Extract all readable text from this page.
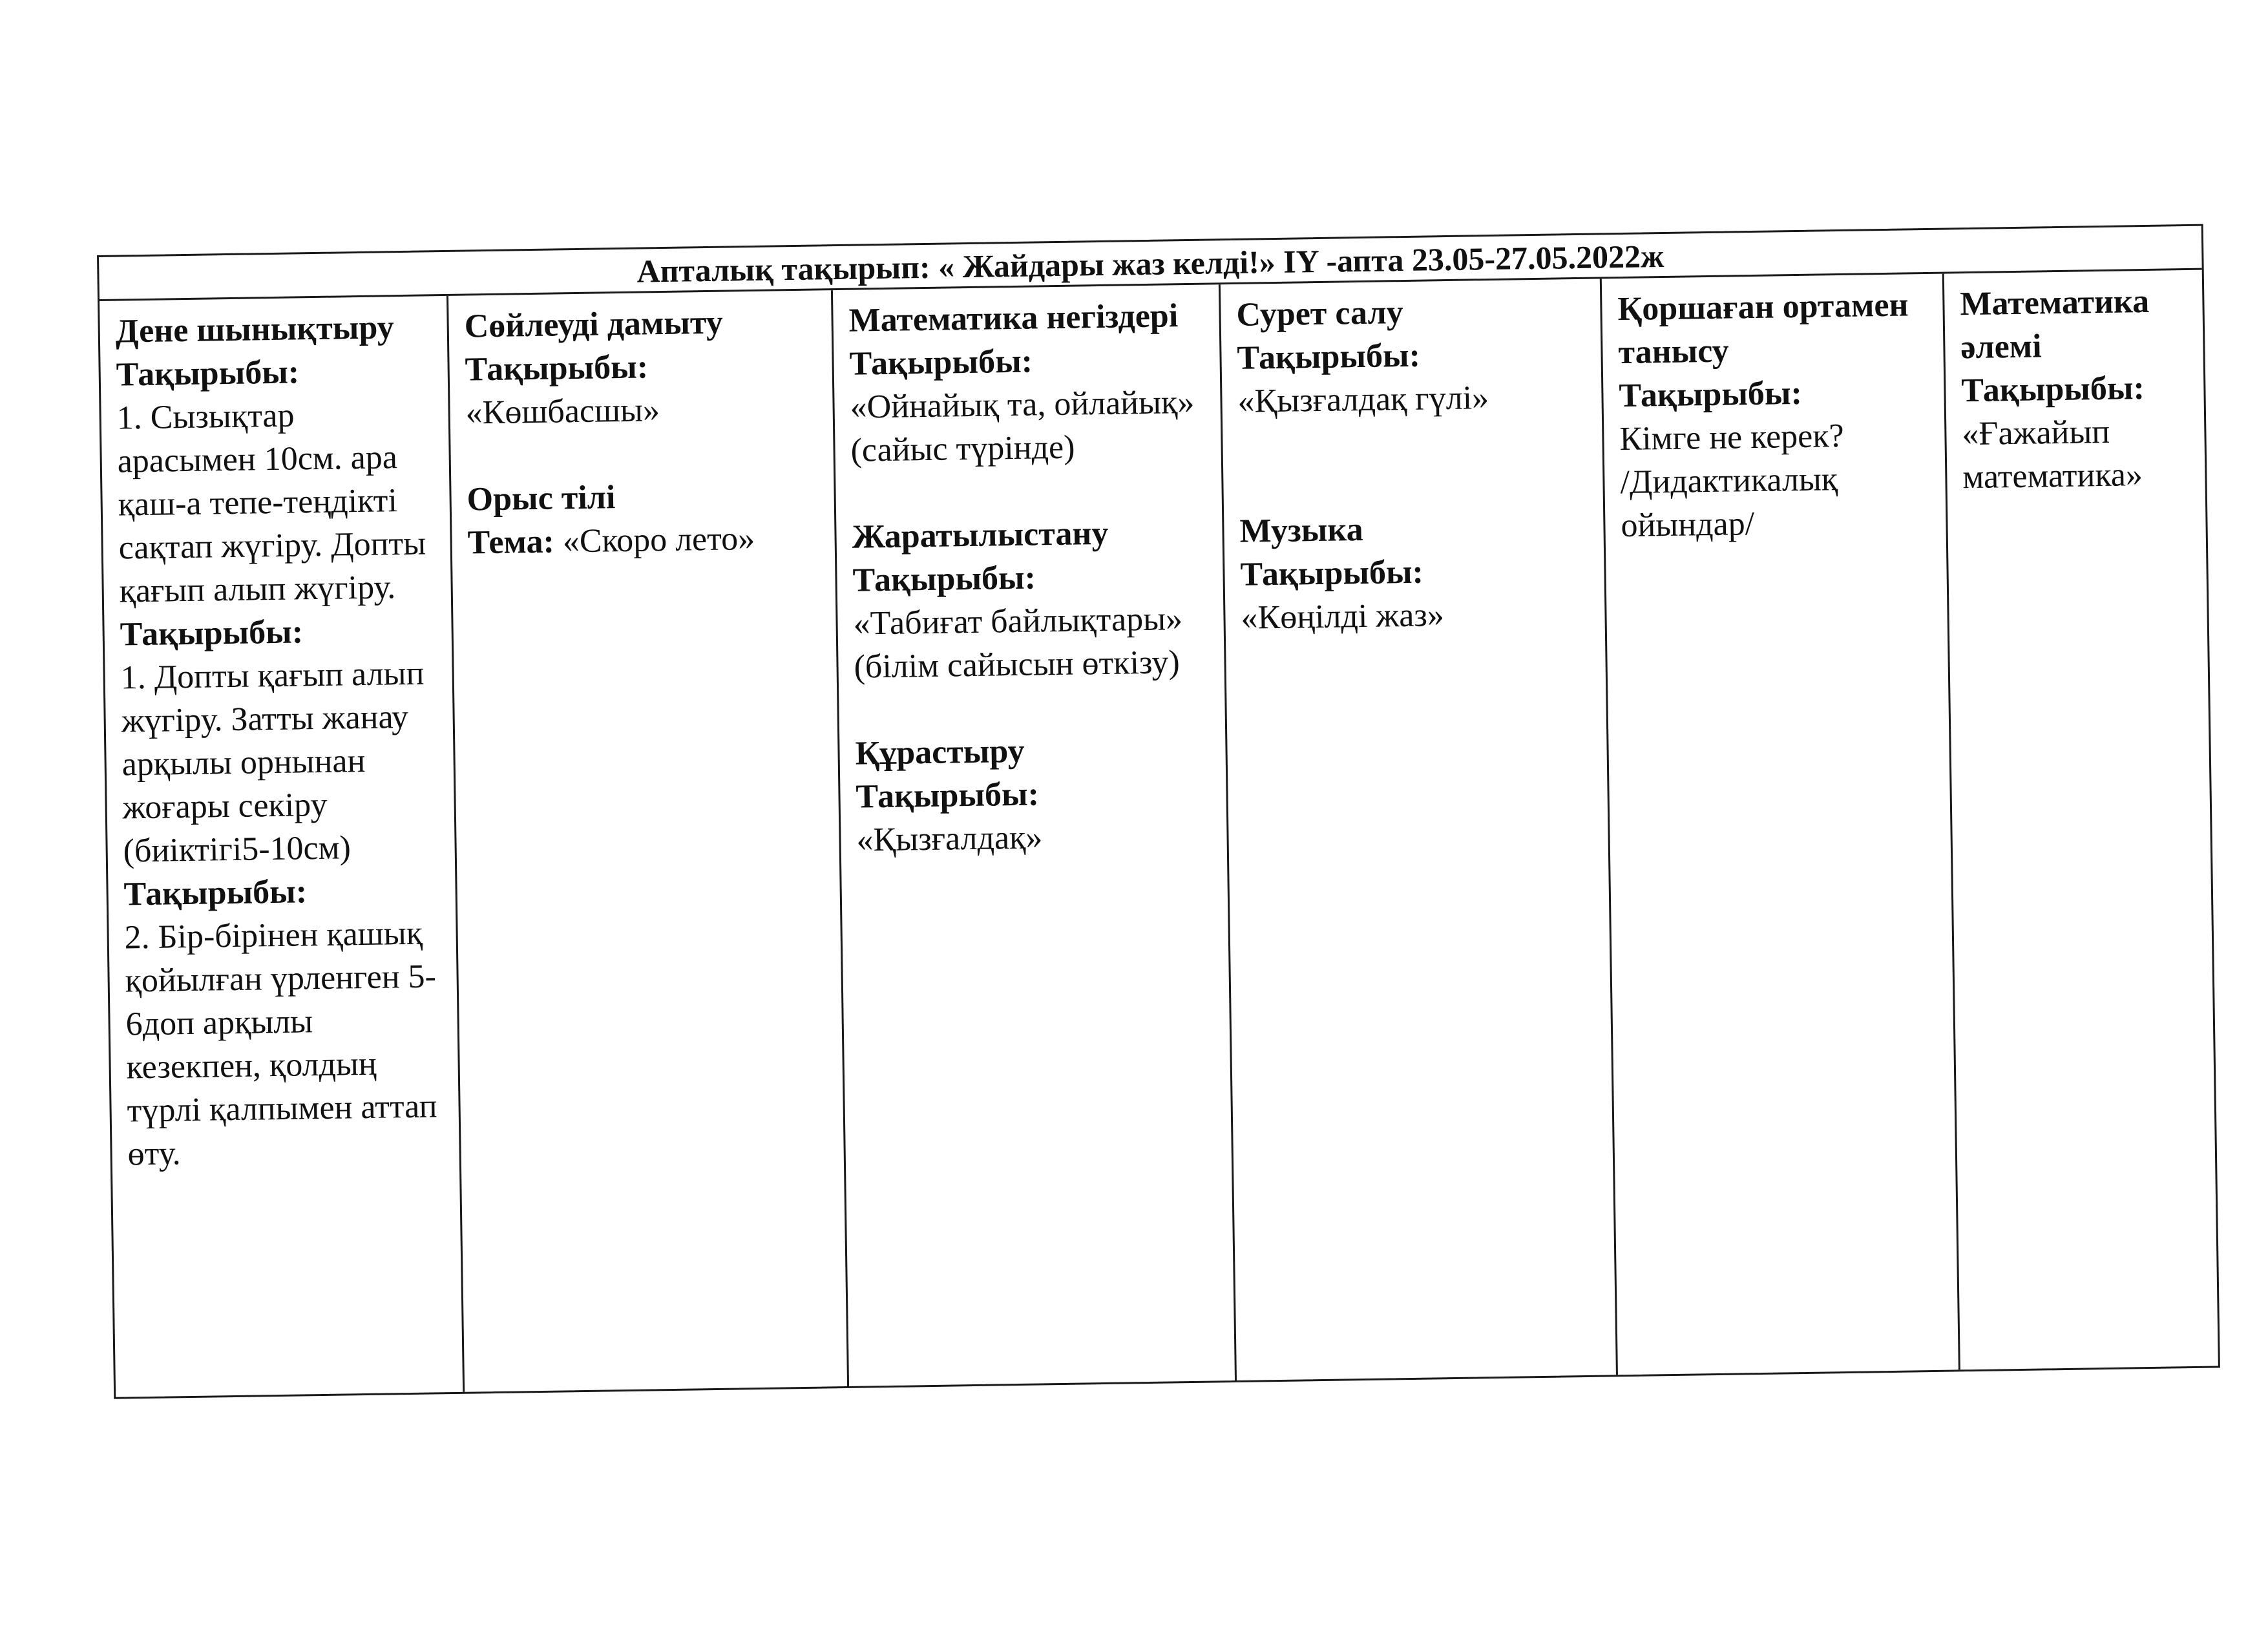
Апталық тақырып: « Жайдары жаз келді!» IY -апта 23.05-27.05.2022ж
Дене шынықтыру
Тақырыбы:
1. Сызықтар арасымен 10см. ара қаш-а тепе-теңдікті сақтап жүгіру. Допты қағып алып жүгіру.
Тақырыбы:
1. Допты қағып алып жүгіру. Затты жанау арқылы орнынан жоғары секіру (биіктігі5-10см)
Тақырыбы:
2. Бір-бірінен қашық қойылған үрленген 5-6доп арқылы кезекпен, қолдың түрлі қалпымен аттап өту.
Сөйлеуді дамыту
Тақырыбы:
«Көшбасшы»
Орыс тілі
Тема: «Скоро лето»
Математика негіздері
Тақырыбы:
«Ойнайық та, ойлайық»
(сайыс түрінде)
Жаратылыстану
Тақырыбы:
«Табиғат байлықтары»
(білім сайысын өткізу)
Құрастыру
Тақырыбы:
«Қызғалдақ»
Сурет салу
Тақырыбы:
«Қызғалдақ гүлі»
Музыка
Тақырыбы:
«Көңілді жаз»
Қоршаған ортамен танысу
Тақырыбы:
Кімге не керек?
/Дидактикалық ойындар/
Математика әлемі
Тақырыбы:
«Ғажайып математика»
